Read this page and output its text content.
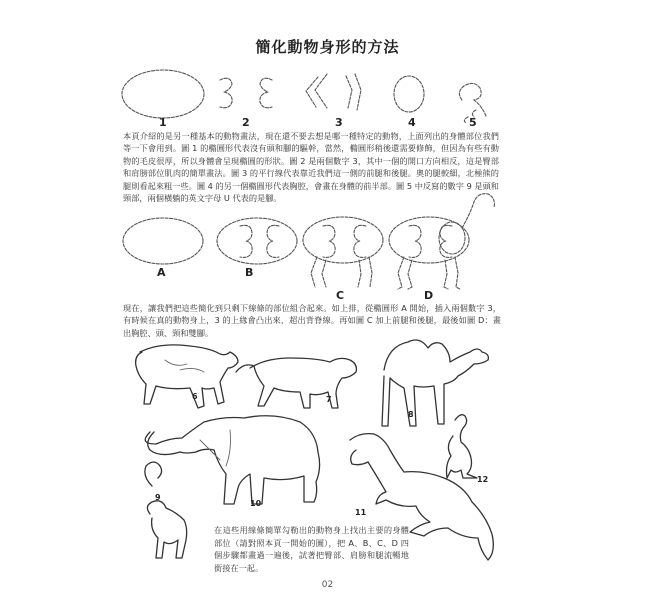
簡化動物身形的方法
1	2	3	4	5
A	B
C	D
本頁介紹的是另一種基本的動物畫法，現在還不要去想是哪一種特定的動物，上面列出的身體部位我們等一下會用到。圖 1 的橢圓形代表沒有頭和腳的驅幹，當然，橢圓形稍後還需要修飾，但因為有些有動物的毛皮很厚，所以身體會呈現橢圓的形狀。圖 2 是兩個數字 3，其中一個的開口方向相反，這是臀部和肩膀部位肌肉的簡單畫法。圖 3 的平行線代表靠近我們這一側的前腿和後腿。奧的腿較細，北極熊的腿則看起來粗一些。圖 4 的另一個橢圓形代表胸腔，會畫在身體的前半部。圖 5 中反寫的數字 9 是頭和頸部，兩個橫躺的英文字母 U 代表的是腳。
現在，讓我們把這些簡化到只剩下線條的部位組合起來。如上排，從橢圓形 A 開始，插入兩個數字 3，有時候在真的動物身上，3 的上緣會凸出來，超出背脊線。再如圖 C 加上前腿和後腿，最後如圖 D：畫出胸腔、頭、頸和雙腳。
在這些用線條簡單勾勒出的動物身上找出主要的身體部位（請對照本頁一開始的圖），把 A、B、C、D 四個步驟都畫過一遍後，試著把臀部、肩膀和腿流暢地銜接在一起。
6	7
8
9
10
11
12
02
